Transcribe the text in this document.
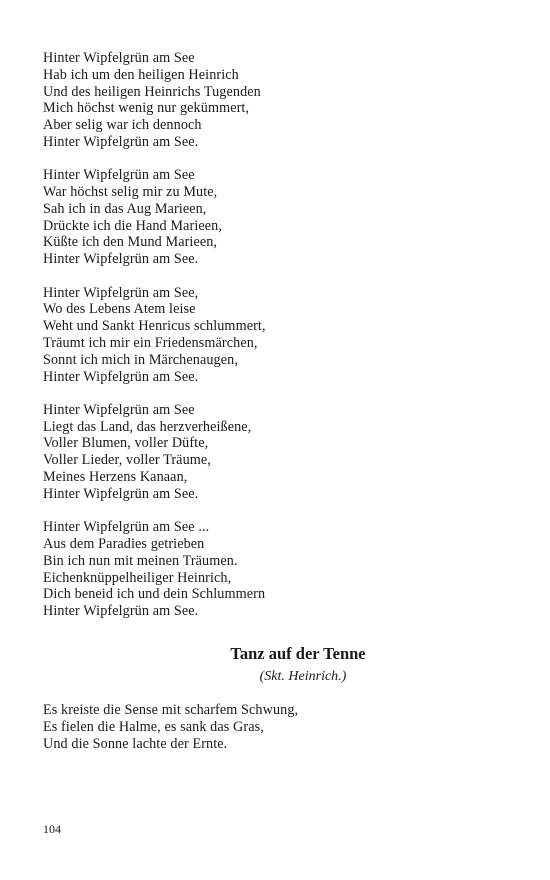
Hinter Wipfelgrün am See
Hab ich um den heiligen Heinrich
Und des heiligen Heinrichs Tugenden
Mich höchst wenig nur gekümmert,
Aber selig war ich dennoch
Hinter Wipfelgrün am See.
Hinter Wipfelgrün am See
War höchst selig mir zu Mute,
Sah ich in das Aug Marieen,
Drückte ich die Hand Marieen,
Küßte ich den Mund Marieen,
Hinter Wipfelgrün am See.
Hinter Wipfelgrün am See,
Wo des Lebens Atem leise
Weht und Sankt Henricus schlummert,
Träumt ich mir ein Friedensmärchen,
Sonnt ich mich in Märchenaugen,
Hinter Wipfelgrün am See.
Hinter Wipfelgrün am See
Liegt das Land, das herzverheißene,
Voller Blumen, voller Düfte,
Voller Lieder, voller Träume,
Meines Herzens Kanaan,
Hinter Wipfelgrün am See.
Hinter Wipfelgrün am See ...
Aus dem Paradies getrieben
Bin ich nun mit meinen Träumen.
Eichenknüppelheiliger Heinrich,
Dich beneid ich und dein Schlummern
Hinter Wipfelgrün am See.
Tanz auf der Tenne
(Skt. Heinrich.)
Es kreiste die Sense mit scharfem Schwung,
Es fielen die Halme, es sank das Gras,
Und die Sonne lachte der Ernte.
104
